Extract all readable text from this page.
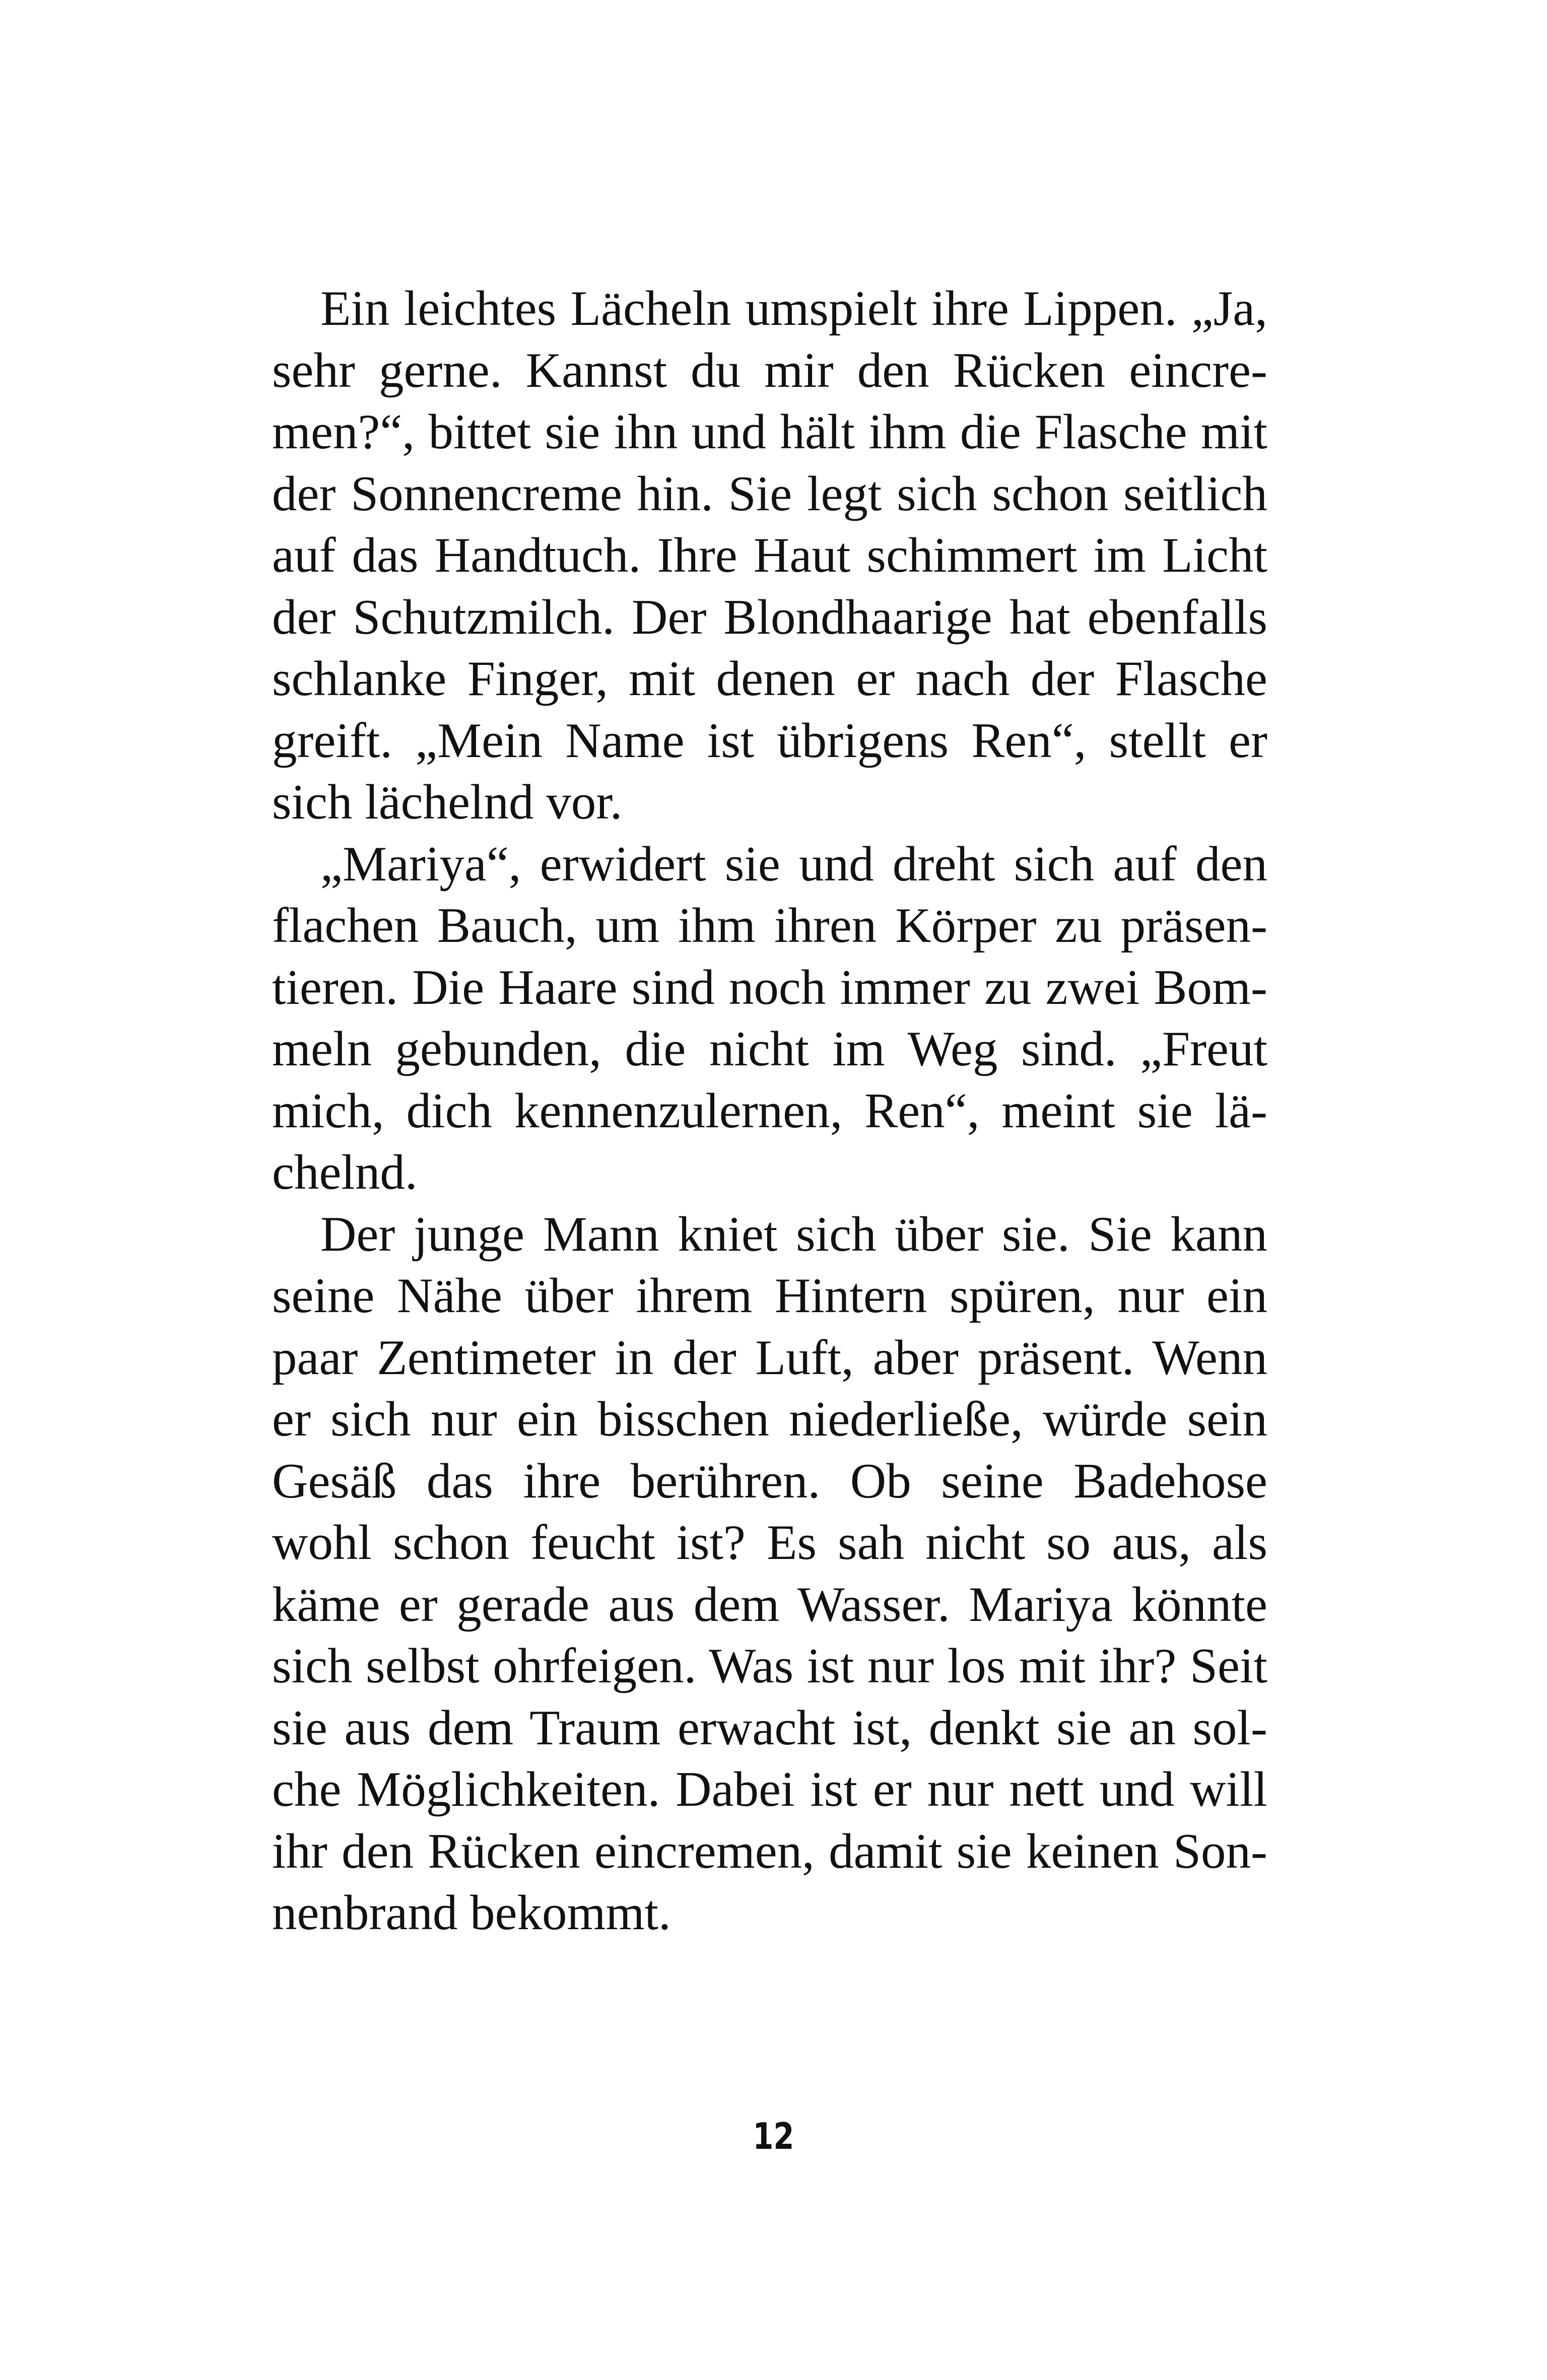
Ein leichtes Lächeln umspielt ihre Lippen. „Ja,
sehr gerne. Kannst du mir den Rücken eincre-
men?“, bittet sie ihn und hält ihm die Flasche mit
der Sonnencreme hin. Sie legt sich schon seitlich
auf das Handtuch. Ihre Haut schimmert im Licht
der Schutzmilch. Der Blondhaarige hat ebenfalls
schlanke Finger, mit denen er nach der Flasche
greift. „Mein Name ist übrigens Ren“, stellt er
sich lächelnd vor.
„Mariya“, erwidert sie und dreht sich auf den
flachen Bauch, um ihm ihren Körper zu präsen-
tieren. Die Haare sind noch immer zu zwei Bom-
meln gebunden, die nicht im Weg sind. „Freut
mich, dich kennenzulernen, Ren“, meint sie lä-
chelnd.
Der junge Mann kniet sich über sie. Sie kann
seine Nähe über ihrem Hintern spüren, nur ein
paar Zentimeter in der Luft, aber präsent. Wenn
er sich nur ein bisschen niederließe, würde sein
Gesäß das ihre berühren. Ob seine Badehose
wohl schon feucht ist? Es sah nicht so aus, als
käme er gerade aus dem Wasser. Mariya könnte
sich selbst ohrfeigen. Was ist nur los mit ihr? Seit
sie aus dem Traum erwacht ist, denkt sie an sol-
che Möglichkeiten. Dabei ist er nur nett und will
ihr den Rücken eincremen, damit sie keinen Son-
nenbrand bekommt.
12
